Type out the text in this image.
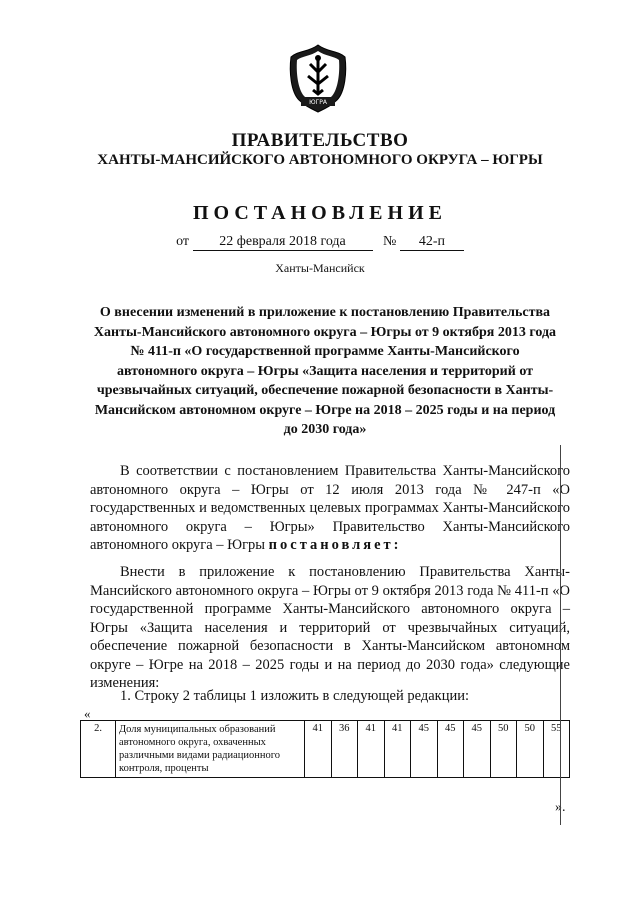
ЮГРА
ПРАВИТЕЛЬСТВО
ХАНТЫ-МАНСИЙСКОГО АВТОНОМНОГО ОКРУГА – ЮГРЫ
ПОСТАНОВЛЕНИЕ
от 22 февраля 2018 года	№ 42-п
Ханты-Мансийск
О внесении изменений в приложение к постановлению Правительства Ханты-Мансийского автономного округа – Югры от 9 октября 2013 года № 411-п «О государственной программе Ханты-Мансийского автономного округа – Югры «Защита населения и территорий от чрезвычайных ситуаций, обеспечение пожарной безопасности в Ханты-Мансийском автономном округе – Югре на 2018 – 2025 годы и на период до 2030 года»
В соответствии с постановлением Правительства Ханты-Мансийского автономного округа – Югры от 12 июля 2013 года № 247-п «О государственных и ведомственных целевых программах Ханты-Мансийского автономного округа – Югры» Правительство Ханты-Мансийского автономного округа – Югры постановляет:
Внести в приложение к постановлению Правительства Ханты-Мансийского автономного округа – Югры от 9 октября 2013 года № 411-п «О государственной программе Ханты-Мансийского автономного округа – Югры «Защита населения и территорий от чрезвычайных ситуаций, обеспечение пожарной безопасности в Ханты-Мансийском автономном округе – Югре на 2018 – 2025 годы и на период до 2030 года» следующие изменения:
1. Строку 2 таблицы 1 изложить в следующей редакции:
«
2.	Доля муниципальных образований автономного округа, охваченных различными видами радиационного контроля, проценты	41	36	41	41	45	45	45	50	50	55
».
